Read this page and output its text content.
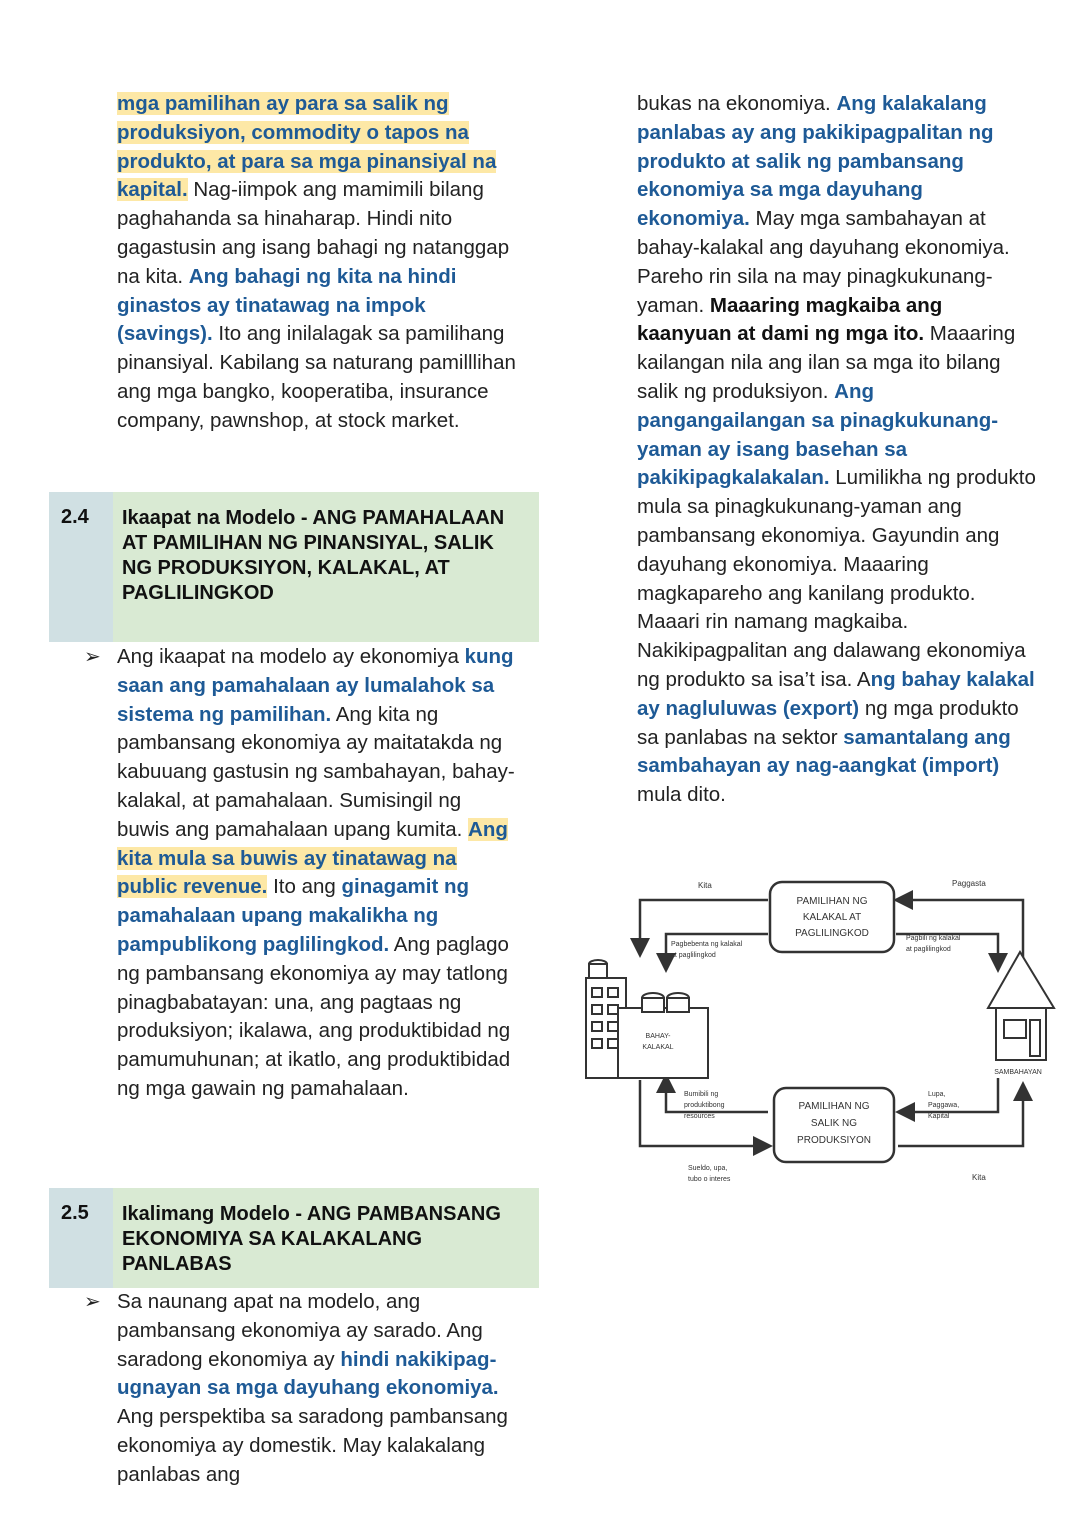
mga pamilihan ay para sa salik ng produksiyon, commodity o tapos na produkto, at para sa mga pinansiyal na kapital. Nag-iimpok ang mamimili bilang paghahanda sa hinaharap. Hindi nito gagastusin ang isang bahagi ng natanggap na kita. Ang bahagi ng kita na hindi ginastos ay tinatawag na impok (savings). Ito ang inilalagak sa pamilihang pinansiyal. Kabilang sa naturang pamilllihan ang mga bangko, kooperatiba, insurance company, pawnshop, at stock market.
2.4	Ikaapat na Modelo - ANG PAMAHALAAN AT PAMILIHAN NG PINANSIYAL, SALIK NG PRODUKSIYON, KALAKAL, AT PAGLILINGKOD
➢ Ang ikaapat na modelo ay ekonomiya kung saan ang pamahalaan ay lumalahok sa sistema ng pamilihan. Ang kita ng pambansang ekonomiya ay maitatakda ng kabuuang gastusin ng sambahayan, bahay-kalakal, at pamahalaan. Sumisingil ng buwis ang pamahalaan upang kumita. Ang kita mula sa buwis ay tinatawag na public revenue. Ito ang ginagamit ng pamahalaan upang makalikha ng pampublikong paglilingkod. Ang paglago ng pambansang ekonomiya ay may tatlong pinagbabatayan: una, ang pagtaas ng produksiyon; ikalawa, ang produktibidad ng pamumuhunan; at ikatlo, ang produktibidad ng mga gawain ng pamahalaan.
2.5	Ikalimang Modelo - ANG PAMBANSANG EKONOMIYA SA KALAKALANG PANLABAS
➢ Sa naunang apat na modelo, ang pambansang ekonomiya ay sarado. Ang saradong ekonomiya ay hindi nakikipag-ugnayan sa mga dayuhang ekonomiya. Ang perspektiba sa saradong pambansang ekonomiya ay domestik. May kalakalang panlabas ang
bukas na ekonomiya. Ang kalakalang panlabas ay ang pakikipagpalitan ng produkto at salik ng pambansang ekonomiya sa mga dayuhang ekonomiya. May mga sambahayan at bahay-kalakal ang dayuhang ekonomiya. Pareho rin sila na may pinagkukunang-yaman. Maaaring magkaiba ang kaanyuan at dami ng mga ito. Maaaring kailangan nila ang ilan sa mga ito bilang salik ng produksiyon. Ang pangangailangan sa pinagkukunang-yaman ay isang basehan sa pakikipagkalakalan. Lumilikha ng produkto mula sa pinagkukunang-yaman ang pambansang ekonomiya. Gayundin ang dayuhang ekonomiya. Maaaring magkapareho ang kanilang produkto. Maaari rin namang magkaiba. Nakikipagpalitan ang dalawang ekonomiya ng produkto sa isa’t isa. Ang bahay kalakal ay nagluluwas (export) ng mga produkto sa panlabas na sektor samantalang ang sambahayan ay nag-aangkat (import) mula dito.
PAMILIHAN NG
KALAKAL AT
PAGLILINGKOD
PAMILIHAN NG
SALIK NG
PRODUKSIYON
BAHAY-
KALAKAL
SAMBAHAYAN
Kita	Paggasta
Pagbebenta ng kalakal
at paglilingkod
Pagbili ng kalakal
at paglilingkod
Bumibili ng
produktibong
resources
Lupa,
Paggawa,
Kapital
Sueldo, upa,
tubo o interes	Kita
